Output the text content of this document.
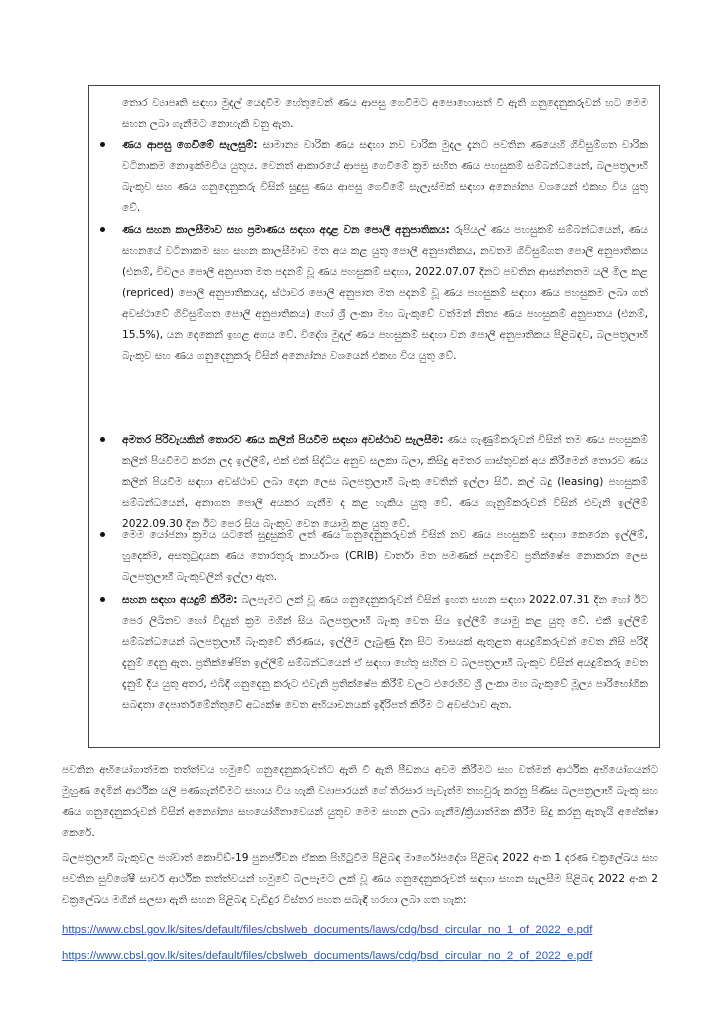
තොර ව්‍යාපෘති සඳහා මුදල් යෙදවීම හේතුවෙන් ණය ආපසු ගෙවීමට අපොහොසත් වී ඇති ගනුදෙනුකරුවන් හට මෙම සහන ලබා ගැනීමට නොහැකි වනු ඇත.

ණය ආපසු ගෙවීමේ සැලසුම්: සාමාන්‍ය වාරික ණය සඳහා නව වාරික මුදල දැනට පවතින ණයෙහි ගිවිසුම්ගත වාරික වටිනාකම නොඉක්මවිය යුතුය. වෙනත් ආකාරයේ ආපසු ගෙවීමේ ක්‍රම සහිත ණය පහසුකම් සම්බන්ධයෙන්, බලපත්‍රලාභී බැංකුව සහ ණය ගනුදෙනුකරු විසින් සුදුසු ණය ආපසු ගෙවීමේ සැලැස්මක් සඳහා අන්‍යෝන්‍ය වශයෙන් එකඟ විය යුතු වේ.

ණය සහන කාලසීමාව සහ ප්‍රමාණය සඳහා අදාළ වන පොලී අනුපාතිකය: රුපියල් ණය පහසුකම් සම්බන්ධයෙන්, ණය සහනයේ වටිනාකම සහ සහන කාලසීමාව මත අය කළ යුතු පොලී අනුපාතිකය, නවතම ගිවිසුම්ගත පොලී අනුපාතිකය (එනම්, විචල්‍ය පොලී අනුපාත මත පදනම් වූ ණය පහසුකම් සඳහා, 2022.07.07 දිනට පවතින ආසන්නතම යලි මිල කළ (repriced) පොලී අනුපාතිකයද, ස්ථාවර පොලී අනුපාත මත පදනම් වූ ණය පහසුකම් සඳහා ණය පහසුකම ලබා ගත් අවස්ථාවේ ගිවිසුම්ගත පොලී අනුපාතිකය) හෝ ශ්‍රී ලංකා මහ බැංකුවේ වත්මන් නිත්‍ය ණය පහසුකම් අනුපාතය (එනම්, 15.5%), යන දෙකෙන් ඉහළ අගය වේ. විදේශ මුදල් ණය පහසුකම් සඳහා වන පොලී අනුපාතිකය පිළිබඳව, බලපත්‍රලාභී බැංකුව සහ ණය ගනුදෙනුකරු විසින් අන්‍යෝන්‍ය වශයෙන් එකඟ විය යුතු වේ.

අමතර පිරිවැයකින් තොරව ණය කලින් පියවීම සඳහා අවස්ථාව සැලසීම: ණය ගැණුම්කරුවන් විසින් තම ණය පහසුකම් කලින් පියවීමට කරන ලද ඉල්ලීම්, එක් එක් සිද්ධිය අනුව සලකා බලා, කිසිදු අමතර ගාස්තුවක් අය කිරීමෙන් තොරව ණය කලින් පියවීම සඳහා අවස්ථාව ලබා දෙන ලෙස බලපත්‍රලාභී බැංකු වෙතින් ඉල්ලා සිටී. කල් බදු (leasing) පහසුකම් සම්බන්ධයෙන්, අනාගත පොලී අයකර ගැනීම ද කළ හැකිය යුතු වේ. ණය ගැනුම්කරුවන් විසින් එවැනි ඉල්ලීම් 2022.09.30 දින ඊට පෙර සිය බැංකුව වෙත යොමු කළ යුතු වේ.

මෙම යෝජනා ක්‍රමය යටතේ සුදුසුකම් ලත් ණය ගනුදෙනුකරුවන් විසින් නව ණය පහසුකම් සඳහා කෙරෙන ඉල්ලීම්, හුදෙක්ම, අසතුටුදායක ණය තොරතුරු කාර්යාංශ (CRIB) වාර්තා මත පමණක් පදනම්ව ප්‍රතික්ෂේප නොකරන ලෙස බලපත්‍රලාභී බැංකුවලින් ඉල්ලා ඇත.

සහන සඳහා අයදුම් කිරීම: බලපැමට ලක් වූ ණය ගනුදෙනුකරුවන් විසින් ඉහත සහන සඳහා 2022.07.31 දින හෝ ඊට පෙර ලිඛිතව හෝ විද්‍යුත් ක්‍රම මගින් සිය බලපත්‍රලාභී බැංකු වෙත සිය ඉල්ලීම් යොමු කළ යුතු වේ. එකී ඉල්ලීම් සම්බන්ධයෙන් බලපත්‍රලාභී බැංකුවේ තීරණය, ඉල්ලීම ලැබුණු දින සිට මාසයක් ඇතුළත අයදුම්කරුවන් වෙත නිසි පරිදි දැනුම් දෙනු ඇත. ප්‍රතික්ෂේපිත ඉල්ලීම් සම්බන්ධයෙන් ඒ සඳහා හේතු සහිත ව බලපත්‍රලාභී බැංකුව විසින් අයදුම්කරු වෙත දැනුම් දිය යුතු අතර, එබිදී ගනුදෙනු කරුට එවැනි ප්‍රතික්ෂේප කිරීම් වලට එරෙහිව ශ්‍රී ලංකා මහ බැංකුවේ මූල්‍ය පාරිභෝගික සබඳතා දෙපාර්තමේන්තුවේ අධ්‍යක්ෂ වෙත අභියාචනයක් ඉදිරිපත් කිරීම ට අවස්ථාව ඇත.

පවතින අභියෝගාත්මක තත්ත්වය හමුවේ ගනුදෙනුකරුවන්ට ඇති වී ඇති පීඩනය අවම කිරීමට සහ වත්මන් ආර්ථික අභියෝගයන්ට මුහුණ දෙමින් ආර්ථික යලි පණගැන්වීමට සහාය විය හැකි ව්‍යාපාරයන් ගේ තිරසාර පැවැත්ම තහවුරු කරනු පිණිස බලපත්‍රලාභී බැංකු සහ ණය ගනුදෙනුකරුවන් විසින් අන්‍යෝන්‍ය සහයෝගීතාවෙයන් යුතුව මෙම සහන ලබා ගැනීම/ක්‍රියාත්මක කිරීම සිදු කරනු ඇතැයි අපේක්ෂා කෙරේ.

බලපත්‍රලාභී බැංකුවල පශ්චාත් කොවිඩ්-19 පුනර්ජීවන ඒකක පිහිටුවීම පිළිබඳ මාර්ගෝපදේශ පිළිබඳ 2022 අංක 1 දරණ චක්‍රලේඛය සහ පවතින සුවිශේෂී සාර්ව ආර්ථික තත්ත්වයන් හමුවේ බලපෑමට ලක් වූ ණය ගනුදෙනුකරුවන් සඳහා සහන සැලසීම පිළිබඳ 2022 අංක 2 චක්‍රලේඛය මගින් සලසා ඇති සහන පිළිබඳ වැඩිදුර විස්තර පහත සබැඳි හරහා ලබා ගත හැක:

https://www.cbsl.gov.lk/sites/default/files/cbslweb_documents/laws/cdg/bsd_circular_no_1_of_2022_e.pdf
https://www.cbsl.gov.lk/sites/default/files/cbslweb_documents/laws/cdg/bsd_circular_no_2_of_2022_e.pdf
